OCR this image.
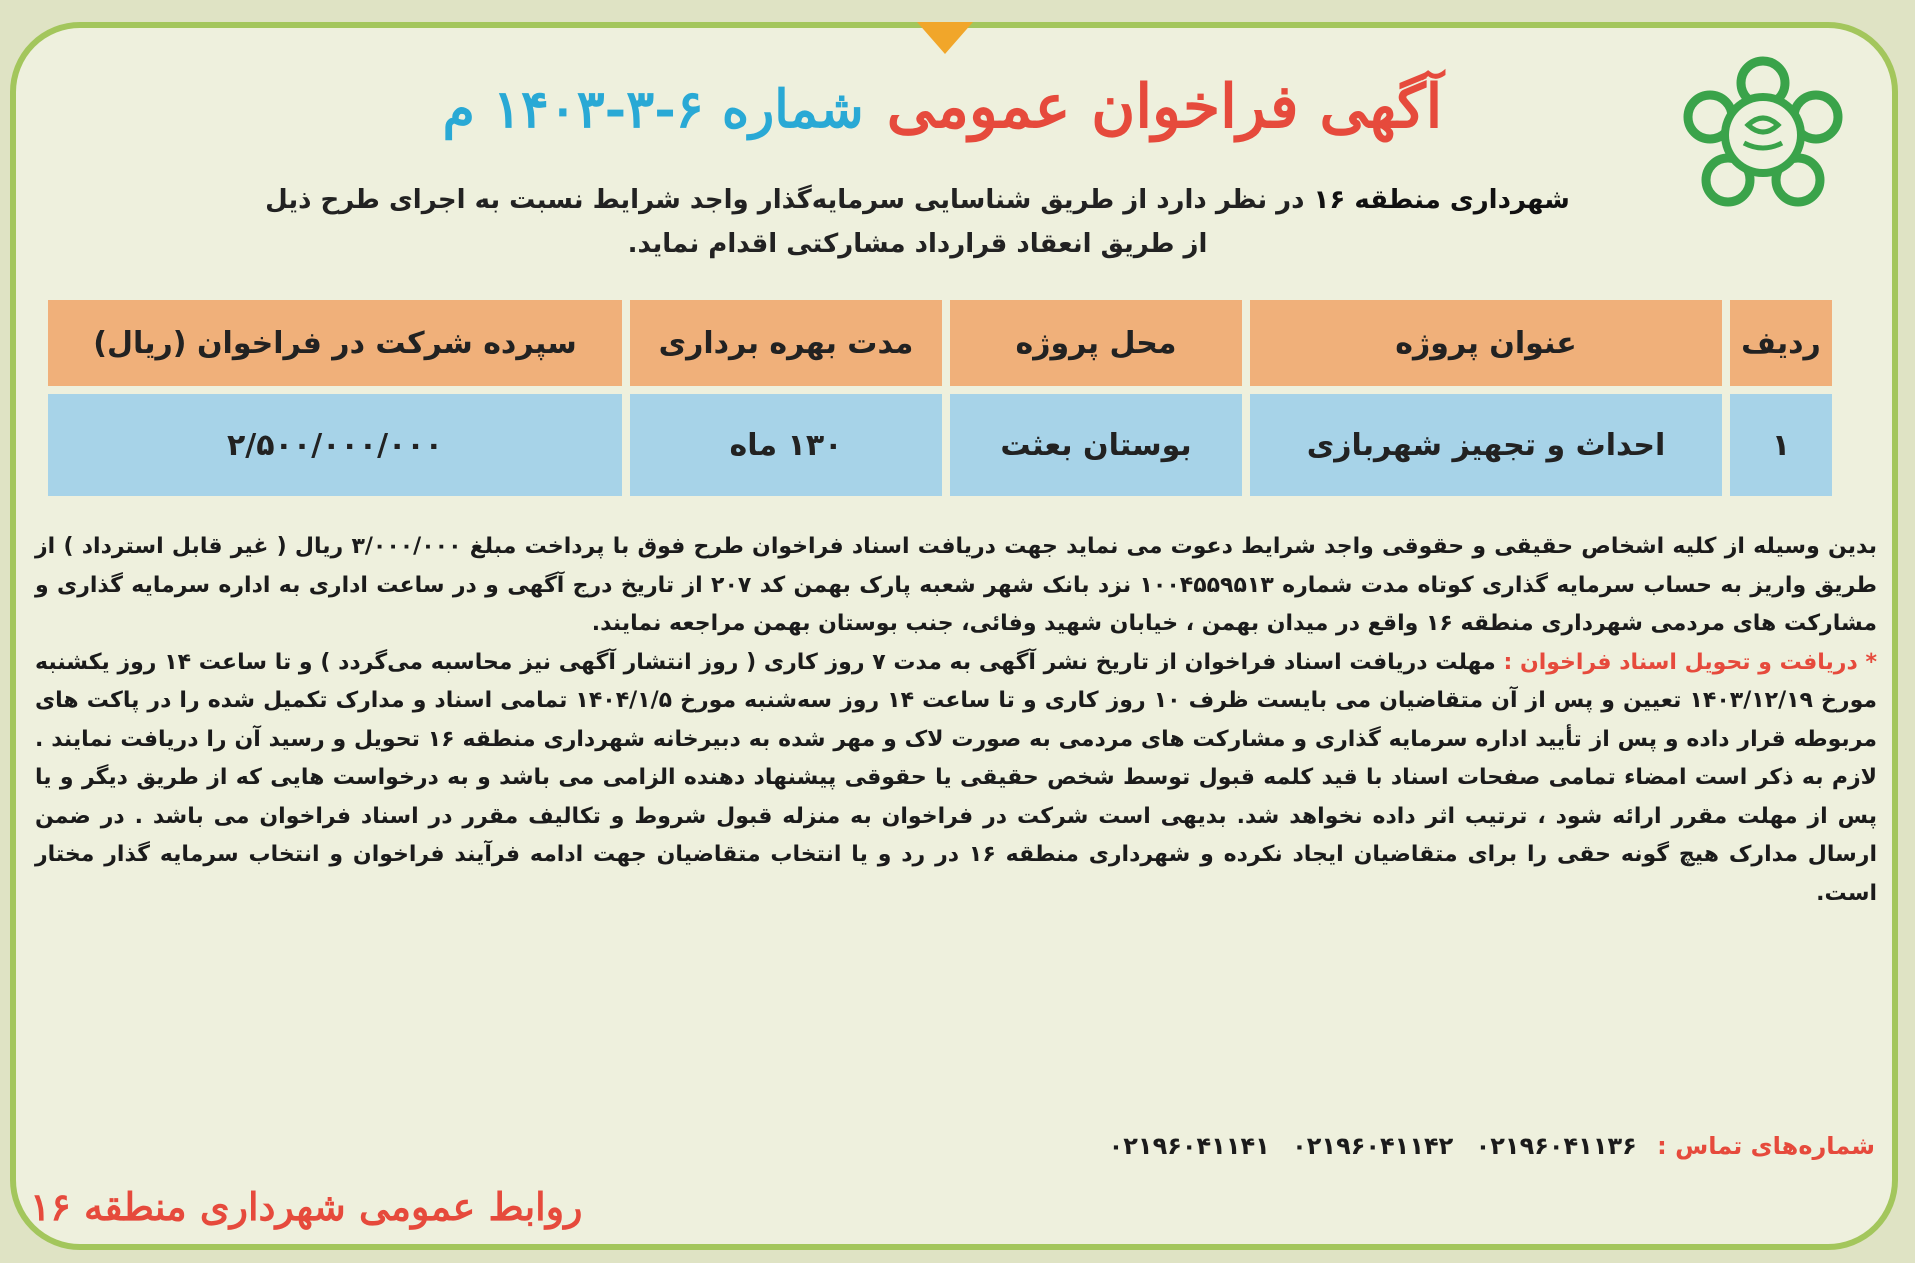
آگهی فراخوان عمومی شماره ۶-۳-۱۴۰۳ م
شهرداری منطقه ۱۶ در نظر دارد از طریق شناسایی سرمایه‌گذار واجد شرایط نسبت به اجرای طرح ذیل
از طریق انعقاد قرارداد مشارکتی اقدام نماید.
ردیف	عنوان پروژه	محل پروژه	مدت بهره برداری	سپرده شرکت در فراخوان (ریال)
۱	احداث و تجهیز شهربازی	بوستان بعثت	۱۳۰ ماه	۲/۵۰۰/۰۰۰/۰۰۰

بدین وسیله از کلیه اشخاص حقیقی و حقوقی واجد شرایط دعوت می نماید جهت دریافت اسناد فراخوان طرح فوق با پرداخت مبلغ ۳/۰۰۰/۰۰۰ ریال ( غیر قابل استرداد ) از طریق واریز به حساب سرمایه گذاری کوتاه مدت شماره ۱۰۰۴۵۵۹۵۱۳ نزد بانک شهر شعبه پارک بهمن کد ۲۰۷ از تاریخ درج آگهی و در ساعت اداری به اداره سرمایه گذاری و مشارکت های مردمی شهرداری منطقه ۱۶ واقع در میدان بهمن ، خیابان شهید وفائی، جنب بوستان بهمن مراجعه نمایند.

* دریافت و تحویل اسناد فراخوان : مهلت دریافت اسناد فراخوان از تاریخ نشر آگهی به مدت ۷ روز کاری ( روز انتشار آگهی نیز محاسبه می‌گردد ) و تا ساعت ۱۴ روز یکشنبه مورخ ۱۴۰۳/۱۲/۱۹ تعیین و پس از آن متقاضیان می بایست ظرف ۱۰ روز کاری و تا ساعت ۱۴ روز سه‌شنبه مورخ ۱۴۰۴/۱/۵ تمامی اسناد و مدارک تکمیل شده را در پاکت های مربوطه قرار داده و پس از تأیید اداره سرمایه گذاری و مشارکت های مردمی به صورت لاک و مهر شده به دبیرخانه شهرداری منطقه ۱۶ تحویل و رسید آن را دریافت نمایند . لازم به ذکر است امضاء تمامی صفحات اسناد با قید کلمه قبول توسط شخص حقیقی یا حقوقی پیشنهاد دهنده الزامی می باشد و به درخواست هایی که از طریق دیگر و یا پس از مهلت مقرر ارائه شود ، ترتیب اثر داده نخواهد شد. بدیهی است شرکت در فراخوان به منزله قبول شروط و تکالیف مقرر در اسناد فراخوان می باشد . در ضمن ارسال مدارک هیچ گونه حقی را برای متقاضیان ایجاد نکرده و شهرداری منطقه ۱۶ در رد و یا انتخاب متقاضیان جهت ادامه فرآیند فراخوان و انتخاب سرمایه گذار مختار است.

شماره‌های تماس : ۰۲۱۹۶۰۴۱۱۳۶ ۰۲۱۹۶۰۴۱۱۴۲ ۰۲۱۹۶۰۴۱۱۴۱
روابط عمومی شهرداری منطقه ۱۶
